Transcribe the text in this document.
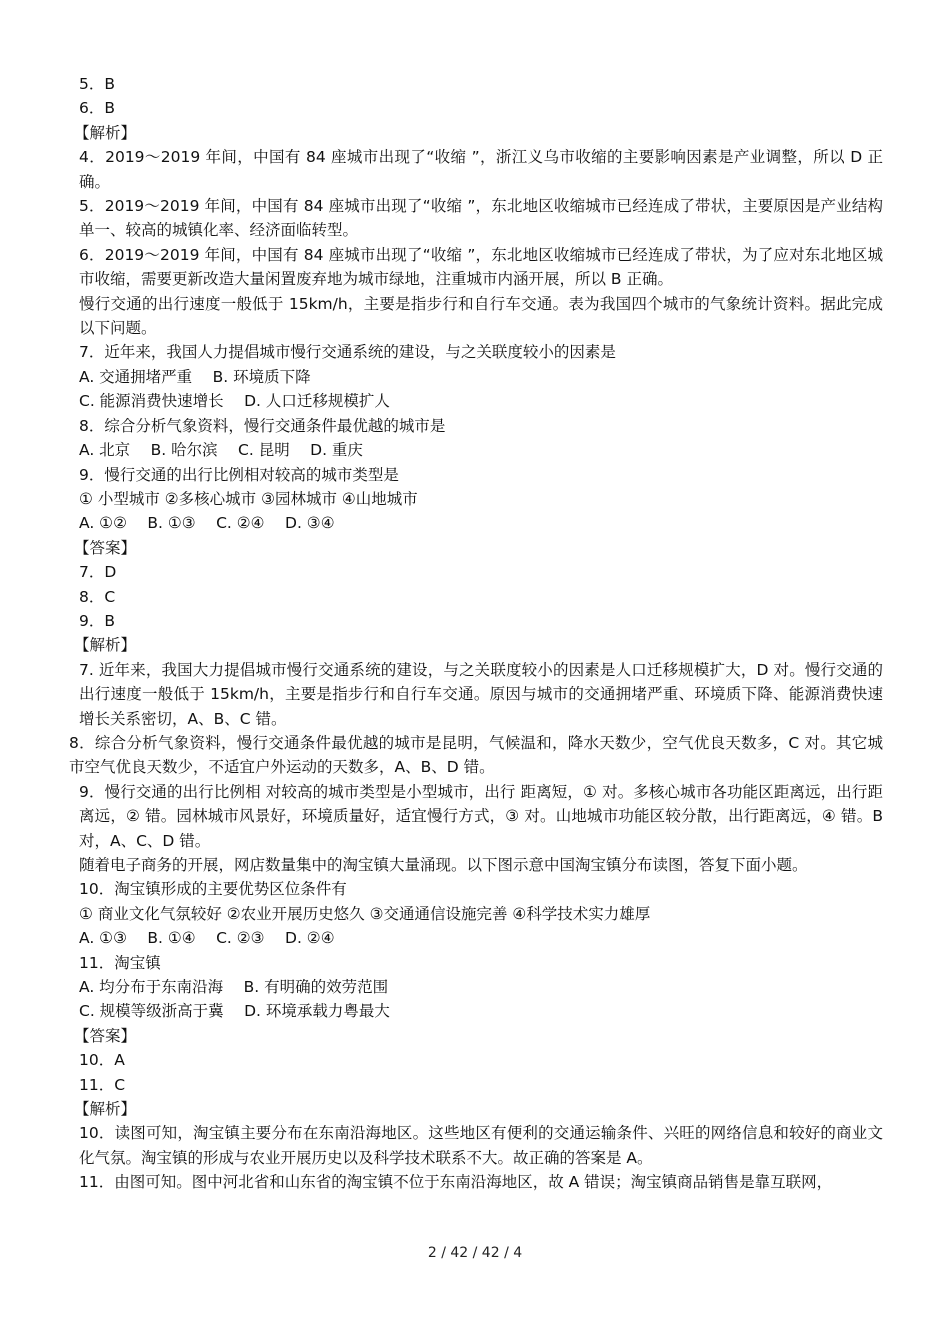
5．B

6．B

【解析】

4．2019～2019 年间，中国有 84 座城市出现了“收缩 ”，浙江义乌市收缩的主要影响因素是产业调整，所以 D 正确。

5．2019～2019 年间，中国有 84 座城市出现了“收缩 ”，东北地区收缩城市已经连成了带状，主要原因是产业结构单一、较高的城镇化率、经济面临转型。

6．2019～2019 年间，中国有 84 座城市出现了“收缩 ”，东北地区收缩城市已经连成了带状，为了应对东北地区城市收缩，需要更新改造大量闲置废弃地为城市绿地，注重城市内涵开展，所以 B 正确。

慢行交通的出行速度一般低于 15km/h，主要是指步行和自行车交通。表为我国四个城市的气象统计资料。据此完成以下问题。

7．近年来，我国人力提倡城市慢行交通系统的建设，与之关联度较小的因素是

A. 交通拥堵严重　 B. 环境质下降

C. 能源消费快速增长　 D. 人口迁移规模扩人

8．综合分析气象资料，慢行交通条件最优越的城市是

A. 北京　 B. 哈尔滨　 C. 昆明　 D. 重庆

9．慢行交通的出行比例相对较高的城市类型是

① 小型城市 ②多核心城市 ③园林城市 ④山地城市

A. ①②　 B. ①③　 C. ②④　 D. ③④

【答案】

7．D

8．C

9．B

【解析】

7. 近年来，我国大力提倡城市慢行交通系统的建设，与之关联度较小的因素是人口迁移规模扩大，D 对。慢行交通的出行速度一般低于 15km/h，主要是指步行和自行车交通。原因与城市的交通拥堵严重、环境质下降、能源消费快速增长关系密切，A、B、C 错。

8．综合分析气象资料，慢行交通条件最优越的城市是昆明，气候温和，降水天数少，空气优良天数多，C 对。其它城市空气优良天数少，不适宜户外运动的天数多，A、B、D 错。

9．慢行交通的出行比例相 对较高的城市类型是小型城市，出行 距离短，① 对。多核心城市各功能区距离远，出行距离远，② 错。园林城市风景好，环境质量好，适宜慢行方式，③ 对。山地城市功能区较分散，出行距离远，④ 错。B 对，A、C、D 错。

随着电子商务的开展，网店数量集中的淘宝镇大量涌现。以下图示意中国淘宝镇分布读图，答复下面小题。

10．淘宝镇形成的主要优势区位条件有

① 商业文化气氛较好 ②农业开展历史悠久 ③交通通信设施完善 ④科学技术实力雄厚

A. ①③　 B. ①④　 C. ②③　 D. ②④

11．淘宝镇

A. 均分布于东南沿海　 B. 有明确的效劳范围

C. 规模等级浙高于冀　 D. 环境承载力粤最大

【答案】

10．A

11．C

【解析】

10．读图可知，淘宝镇主要分布在东南沿海地区。这些地区有便利的交通运输条件、兴旺的网络信息和较好的商业文化气氛。淘宝镇的形成与农业开展历史以及科学技术联系不大。故正确的答案是 A。

11．由图可知。图中河北省和山东省的淘宝镇不位于东南沿海地区，故 A 错误；淘宝镇商品销售是靠互联网，

2 / 42 / 42 / 4
